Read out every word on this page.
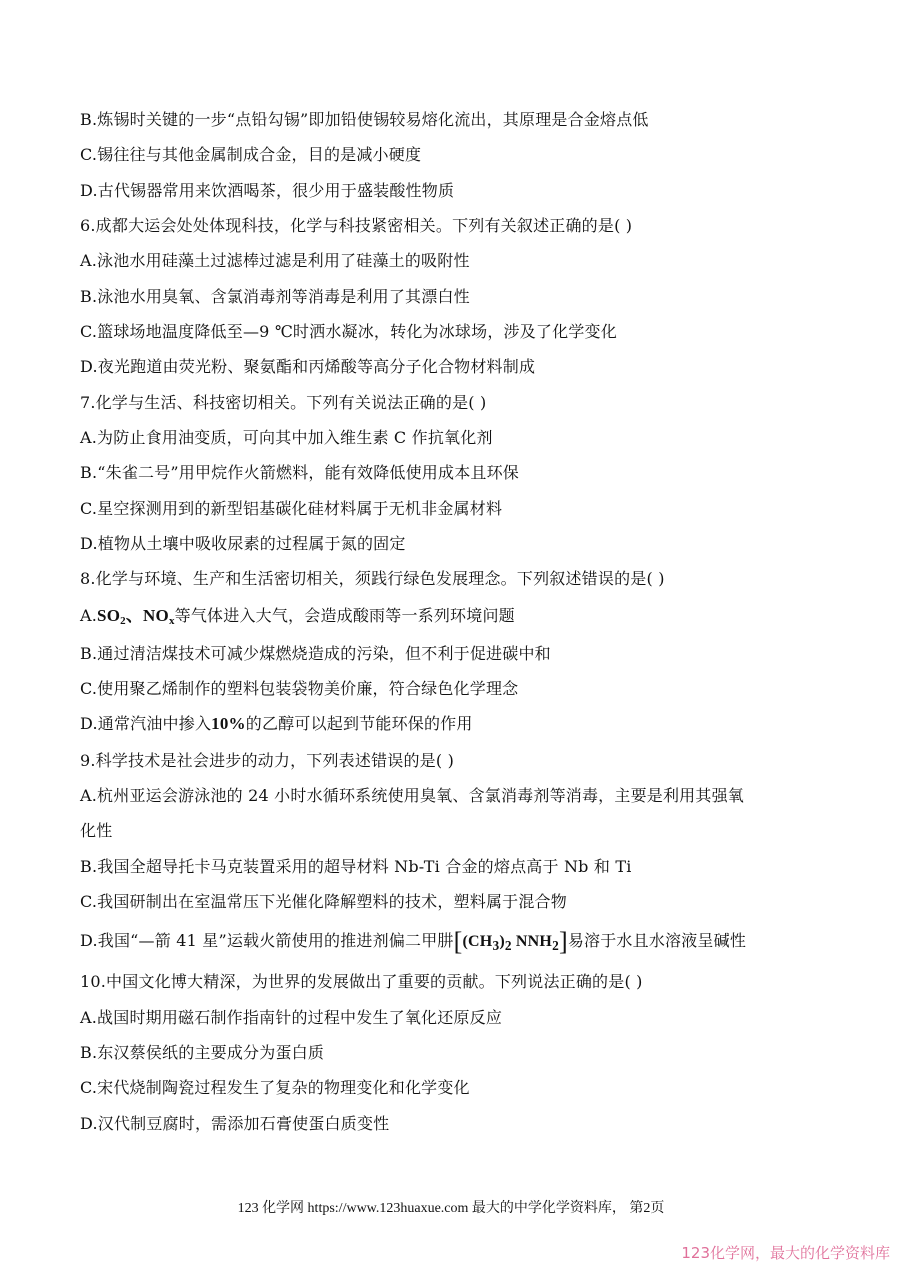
B.炼锡时关键的一步“点铅勾锡”即加铅使锡较易熔化流出，其原理是合金熔点低
C.锡往往与其他金属制成合金，目的是减小硬度
D.古代锡器常用来饮酒喝茶，很少用于盛装酸性物质
6.成都大运会处处体现科技，化学与科技紧密相关。下列有关叙述正确的是( )
A.泳池水用硅藻土过滤棒过滤是利用了硅藻土的吸附性
B.泳池水用臭氧、含氯消毒剂等消毒是利用了其漂白性
C.篮球场地温度降低至—9 ℃时洒水凝冰，转化为冰球场，涉及了化学变化
D.夜光跑道由荧光粉、聚氨酯和丙烯酸等高分子化合物材料制成
7.化学与生活、科技密切相关。下列有关说法正确的是( )
A.为防止食用油变质，可向其中加入维生素 C 作抗氧化剂
B.“朱雀二号”用甲烷作火箭燃料，能有效降低使用成本且环保
C.星空探测用到的新型铝基碳化硅材料属于无机非金属材料
D.植物从土壤中吸收尿素的过程属于氮的固定
8.化学与环境、生产和生活密切相关，须践行绿色发展理念。下列叙述错误的是( )
$A.SO_2$、$NO_x$等气体进入大气，会造成酸雨等一系列环境问题
B.通过清洁煤技术可减少煤燃烧造成的污染，但不利于促进碳中和
C.使用聚乙烯制作的塑料包装袋物美价廉，符合绿色化学理念
D.通常汽油中掺入10%的乙醇可以起到节能环保的作用
9.科学技术是社会进步的动力，下列表述错误的是( )
A.杭州亚运会游泳池的 24 小时水循环系统使用臭氧、含氯消毒剂等消毒，主要是利用其强氧
化性
B.我国全超导托卡马克装置采用的超导材料 Nb-Ti 合金的熔点高于 Nb 和 Ti
C.我国研制出在室温常压下光催化降解塑料的技术，塑料属于混合物
D.我国“—箭 41 星”运载火箭使用的推进剂偏二甲肼[$(CH_3)_2$ $NNH_2$]易溶于水且水溶液呈碱性
10.中国文化博大精深，为世界的发展做出了重要的贡献。下列说法正确的是( )
A.战国时期用磁石制作指南针的过程中发生了氧化还原反应
B.东汉蔡侯纸的主要成分为蛋白质
C.宋代烧制陶瓷过程发生了复杂的物理变化和化学变化
D.汉代制豆腐时，需添加石膏使蛋白质变性
123 化学网 https://www.123huaxue.com 最大的中学化学资料库， 第2页
123化学网，最大的化学资料库
